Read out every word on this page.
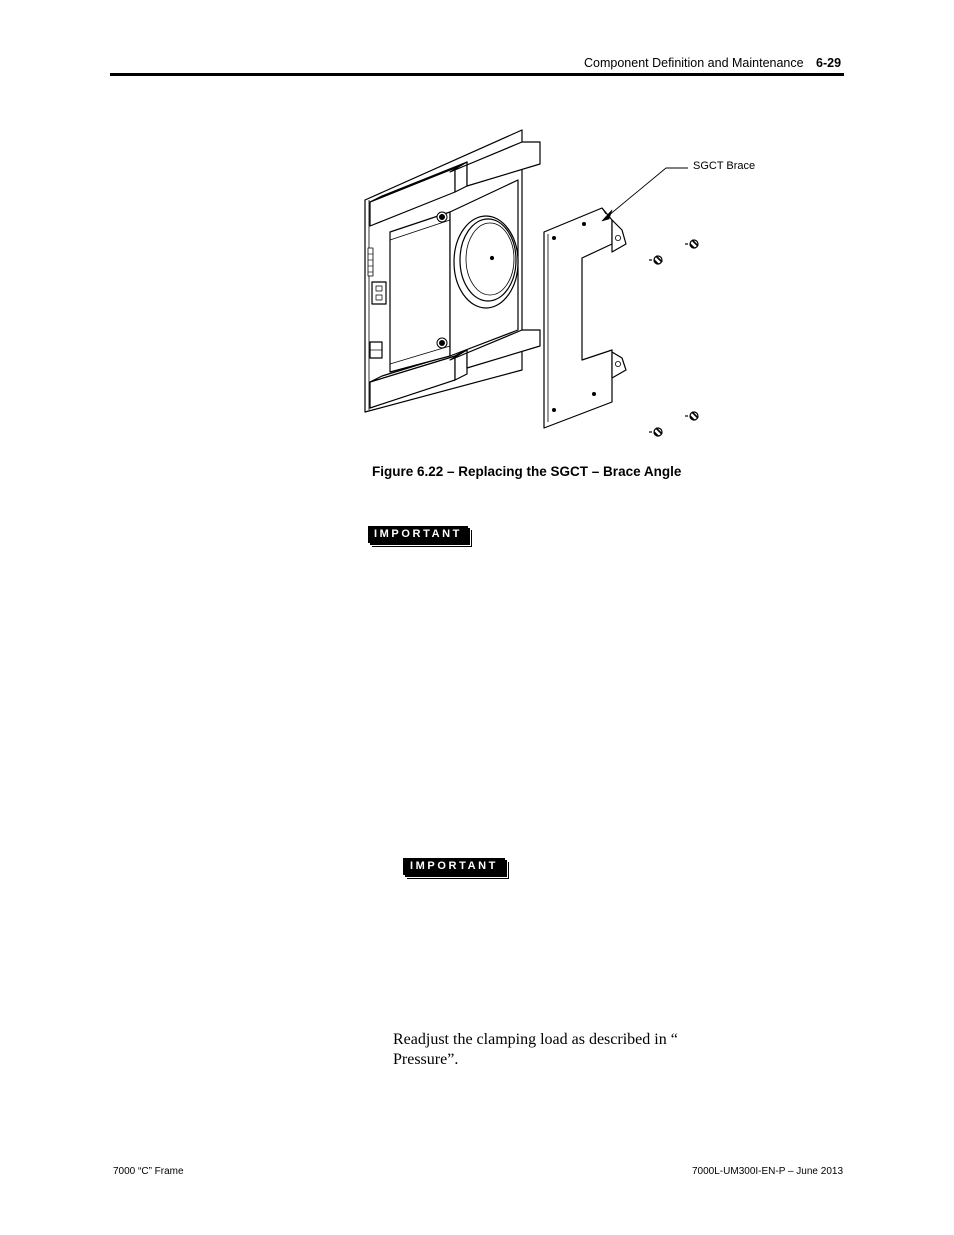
Component Definition and Maintenance 6-29
SGCT Brace
Figure 6.22 – Replacing the SGCT – Brace Angle
IMPORTANT
IMPORTANT
Readjust the clamping load as described in “ Pressure”.
7000 “C” Frame	7000L-UM300I-EN-P – June 2013
